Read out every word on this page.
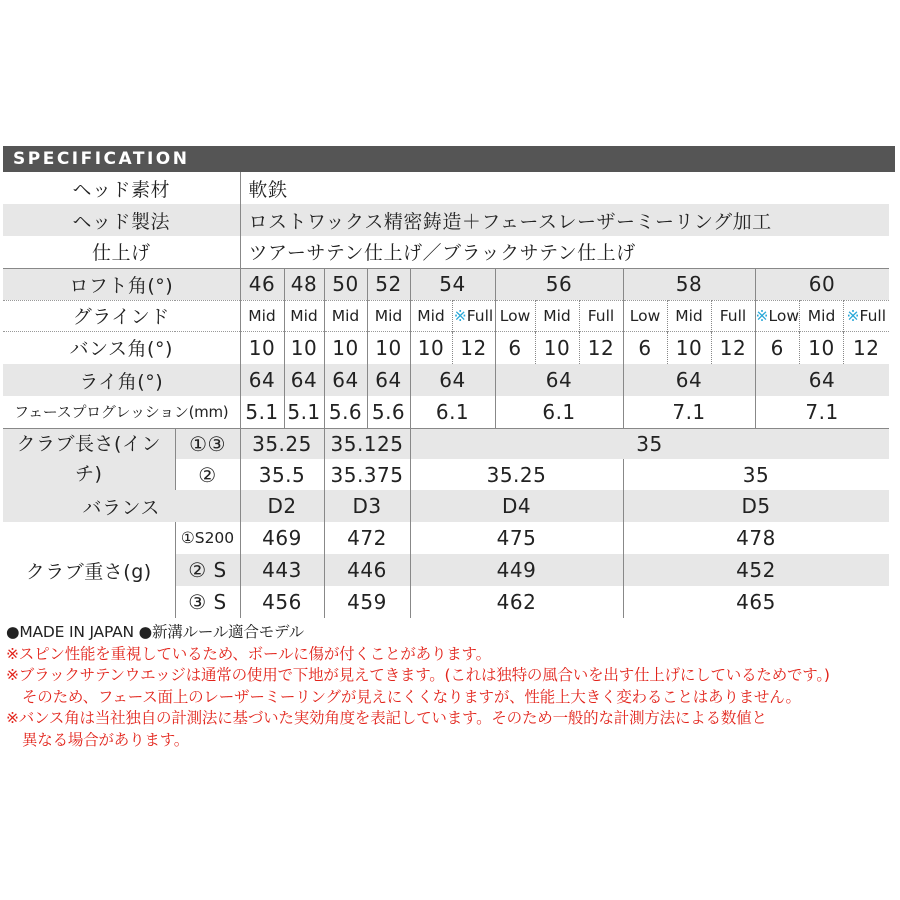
SPECIFICATION
ヘッド素材		軟鉄														
ヘッド製法		ロストワックス精密鋳造＋フェースレーザーミーリング加工														
仕上げ		ツアーサテン仕上げ／ブラックサテン仕上げ														
ロフト角(°)		46	48	50	52	54		56			58			60		
グラインド		Mid	Mid	Mid	Mid	Mid	※Full	Low	Mid	Full	Low	Mid	Full	※Low	Mid	※Full
バンス角(°)		10	10	10	10	10	12	6	10	12	6	10	12	6	10	12
ライ角(°)		64	64	64	64	64		64			64			64		
フェースプログレッション(mm)		5.1	5.1	5.6	5.6	6.1		6.1			7.1			7.1		
クラブ長さ(インチ)	①③	35.25		35.125		35										
	②	35.5		35.375		35.25					35					
バランス		D2		D3		D4					D5					
クラブ重さ(g)	①S200	469		472		475					478					
	② S	443		446		449					452					
	③ S	456		459		462					465					
●MADE IN JAPAN ●新溝ルール適合モデル
※スピン性能を重視しているため、ボールに傷が付くことがあります。
※ブラックサテンウエッジは通常の使用で下地が見えてきます。(これは独特の風合いを出す仕上げにしているためです。)
そのため、フェース面上のレーザーミーリングが見えにくくなりますが、性能上大きく変わることはありません。
※バンス角は当社独自の計測法に基づいた実効角度を表記しています。そのため一般的な計測方法による数値と
異なる場合があります。
